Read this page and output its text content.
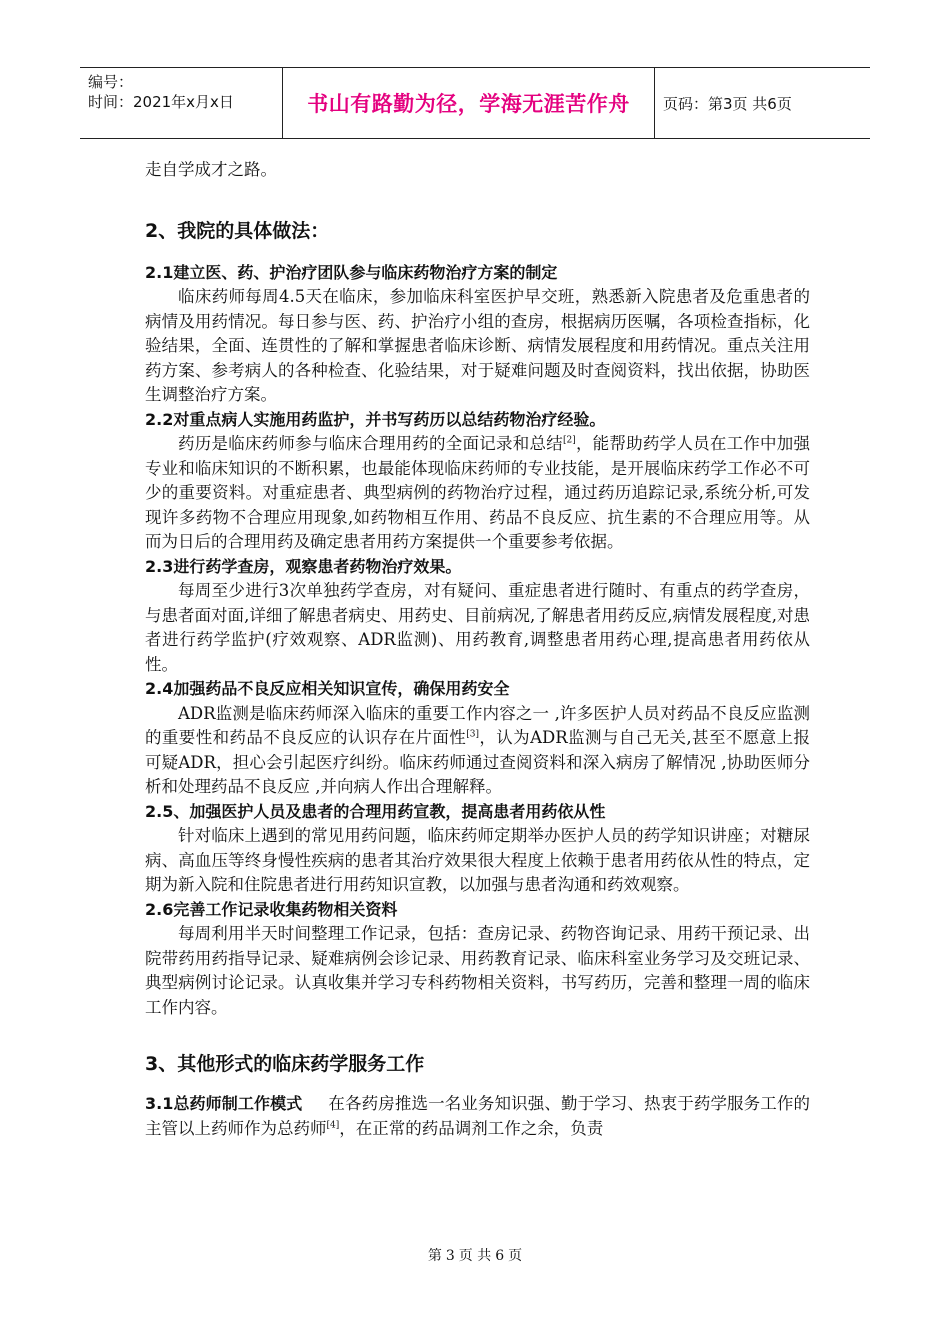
编号：
时间：2021年x月x日	书山有路勤为径，学海无涯苦作舟	页码：第3页 共6页

走自学成才之路。

2、我院的具体做法：
2.1建立医、药、护治疗团队参与临床药物治疗方案的制定

临床药师每周4.5天在临床，参加临床科室医护早交班，熟悉新入院患者及危重患者的病情及用药情况。每日参与医、药、护治疗小组的查房，根据病历医嘱，各项检查指标，化验结果，全面、连贯性的了解和掌握患者临床诊断、病情发展程度和用药情况。重点关注用药方案、参考病人的各种检查、化验结果，对于疑难问题及时查阅资料，找出依据，协助医生调整治疗方案。

2.2对重点病人实施用药监护，并书写药历以总结药物治疗经验。

药历是临床药师参与临床合理用药的全面记录和总结[2]，能帮助药学人员在工作中加强专业和临床知识的不断积累，也最能体现临床药师的专业技能，是开展临床药学工作必不可少的重要资料。对重症患者、典型病例的药物治疗过程，通过药历追踪记录,系统分析,可发现许多药物不合理应用现象,如药物相互作用、药品不良反应、抗生素的不合理应用等。从而为日后的合理用药及确定患者用药方案提供一个重要参考依据。

2.3进行药学查房，观察患者药物治疗效果。

每周至少进行3次单独药学查房，对有疑问、重症患者进行随时、有重点的药学查房，与患者面对面,详细了解患者病史、用药史、目前病况,了解患者用药反应,病情发展程度,对患者进行药学监护(疗效观察、ADR监测)、用药教育,调整患者用药心理,提高患者用药依从性。

2.4加强药品不良反应相关知识宣传，确保用药安全

ADR监测是临床药师深入临床的重要工作内容之一 ,许多医护人员对药品不良反应监测的重要性和药品不良反应的认识存在片面性[3]，认为ADR监测与自己无关,甚至不愿意上报可疑ADR，担心会引起医疗纠纷。临床药师通过查阅资料和深入病房了解情况 ,协助医师分析和处理药品不良反应 ,并向病人作出合理解释。

2.5、加强医护人员及患者的合理用药宣教，提高患者用药依从性

针对临床上遇到的常见用药问题，临床药师定期举办医护人员的药学知识讲座；对糖尿病、高血压等终身慢性疾病的患者其治疗效果很大程度上依赖于患者用药依从性的特点，定期为新入院和住院患者进行用药知识宣教，以加强与患者沟通和药效观察。

2.6完善工作记录收集药物相关资料

每周利用半天时间整理工作记录，包括：查房记录、药物咨询记录、用药干预记录、出院带药用药指导记录、疑难病例会诊记录、用药教育记录、临床科室业务学习及交班记录、典型病例讨论记录。认真收集并学习专科药物相关资料，书写药历，完善和整理一周的临床工作内容。

3、其他形式的临床药学服务工作

3.1总药师制工作模式 在各药房推选一名业务知识强、勤于学习、热衷于药学服务工作的主管以上药师作为总药师[4]，在正常的药品调剂工作之余，负责

第 3 页 共 6 页
